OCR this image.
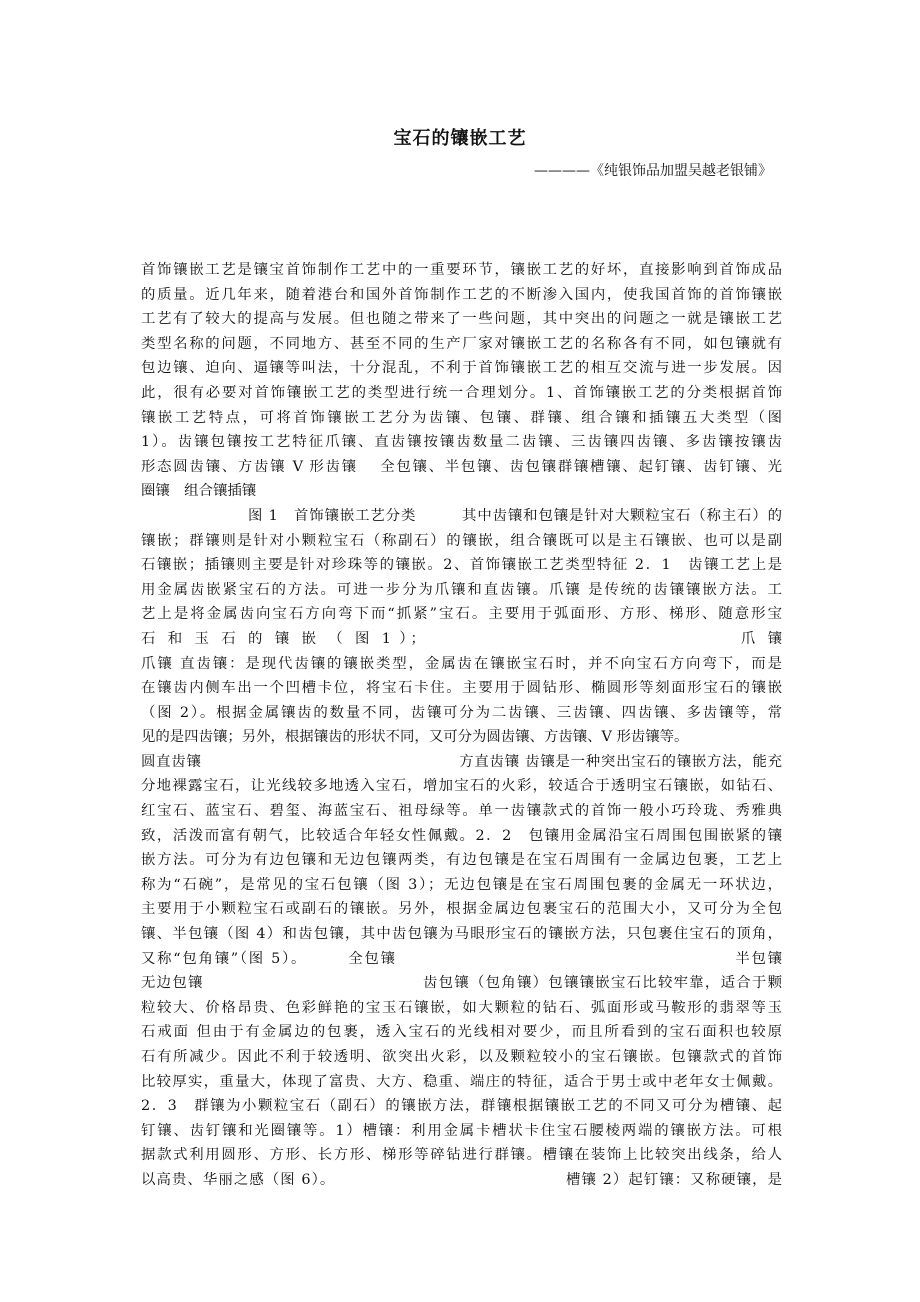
宝石的镶嵌工艺
————《纯银饰品加盟吴越老银铺》
首饰镶嵌工艺是镶宝首饰制作工艺中的一重要环节，镶嵌工艺的好坏，直接影响到首饰成品
的质量。近几年来，随着港台和国外首饰制作工艺的不断渗入国内，使我国首饰的首饰镶嵌
工艺有了较大的提高与发展。但也随之带来了一些问题，其中突出的问题之一就是镶嵌工艺
类型名称的问题，不同地方、甚至不同的生产厂家对镶嵌工艺的名称各有不同，如包镶就有
包边镶、迫向、逼镶等叫法，十分混乱，不利于首饰镶嵌工艺的相互交流与进一步发展。因
此，很有必要对首饰镶嵌工艺的类型进行统一合理划分。1、首饰镶嵌工艺的分类根据首饰
镶嵌工艺特点，可将首饰镶嵌工艺分为齿镶、包镶、群镶、组合镶和插镶五大类型（图
1）。齿镶包镶按工艺特征爪镶、直齿镶按镶齿数量二齿镶、三齿镶四齿镶、多齿镶按镶齿
形态圆齿镶、方齿镶 V 形齿镶　 全包镶、半包镶、齿包镶群镶槽镶、起钉镶、齿钉镶、光
圈镶　组合镶插镶
　　　　　　　图 1　首饰镶嵌工艺分类　　　其中齿镶和包镶是针对大颗粒宝石（称主石）的
镶嵌；群镶则是针对小颗粒宝石（称副石）的镶嵌，组合镶既可以是主石镶嵌、也可以是副
石镶嵌；插镶则主要是针对珍珠等的镶嵌。2、首饰镶嵌工艺类型特征 2．1　齿镶工艺上是
用金属齿嵌紧宝石的方法。可进一步分为爪镶和直齿镶。爪镶 是传统的齿镶镶嵌方法。工
艺上是将金属齿向宝石方向弯下而“抓紧”宝石。主要用于弧面形、方形、梯形、随意形宝
石 和 玉 石 的 镶 嵌 （ 图 1 ）；　　　　　　　　　　　　　　　　　 爪 镶
爪镶 直齿镶：是现代齿镶的镶嵌类型，金属齿在镶嵌宝石时，并不向宝石方向弯下，而是
在镶齿内侧车出一个凹槽卡位，将宝石卡住。主要用于圆钻形、椭圆形等刻面形宝石的镶嵌
（图 2）。根据金属镶齿的数量不同，齿镶可分为二齿镶、三齿镶、四齿镶、多齿镶等，常
见的是四齿镶；另外，根据镶齿的形状不同，又可分为圆齿镶、方齿镶、V 形齿镶等。
圆直齿镶　　　　　　　　　　　　　　　　　方直齿镶 齿镶是一种突出宝石的镶嵌方法，能充
分地裸露宝石，让光线较多地透入宝石，增加宝石的火彩，较适合于透明宝石镶嵌，如钻石、
红宝石、蓝宝石、碧玺、海蓝宝石、祖母绿等。单一齿镶款式的首饰一般小巧玲珑、秀雅典
致，活泼而富有朝气，比较适合年轻女性佩戴。2．2　包镶用金属沿宝石周围包围嵌紧的镶
嵌方法。可分为有边包镶和无边包镶两类，有边包镶是在宝石周围有一金属边包裹，工艺上
称为“石碗”，是常见的宝石包镶（图 3）；无边包镶是在宝石周围包裹的金属无一环状边，
主要用于小颗粒宝石或副石的镶嵌。另外，根据金属边包裹宝石的范围大小，又可分为全包
镶、半包镶（图 4）和齿包镶，其中齿包镶为马眼形宝石的镶嵌方法，只包裹住宝石的顶角，
又称“包角镶”（图 5）。　　　全包镶　　　　　　　　　　　　　　　　　　　　　半包镶
无边包镶　　　　　　　　　　　　　　齿包镶（包角镶）包镶镶嵌宝石比较牢靠，适合于颗
粒较大、价格昂贵、色彩鲜艳的宝玉石镶嵌，如大颗粒的钻石、弧面形或马鞍形的翡翠等玉
石戒面 但由于有金属边的包裹，透入宝石的光线相对要少，而且所看到的宝石面积也较原
石有所减少。因此不利于较透明、欲突出火彩，以及颗粒较小的宝石镶嵌。包镶款式的首饰
比较厚实，重量大，体现了富贵、大方、稳重、端庄的特征，适合于男士或中老年女士佩戴。
2．3　群镶为小颗粒宝石（副石）的镶嵌方法，群镶根据镶嵌工艺的不同又可分为槽镶、起
钉镶、齿钉镶和光圈镶等。1）槽镶：利用金属卡槽状卡住宝石腰棱两端的镶嵌方法。可根
据款式利用圆形、方形、长方形、梯形等碎钻进行群镶。槽镶在装饰上比较突出线条，给人
以高贵、华丽之感（图 6）。　　　　　　　　　　　　　　　 槽镶 2）起钉镶：又称硬镶，是
